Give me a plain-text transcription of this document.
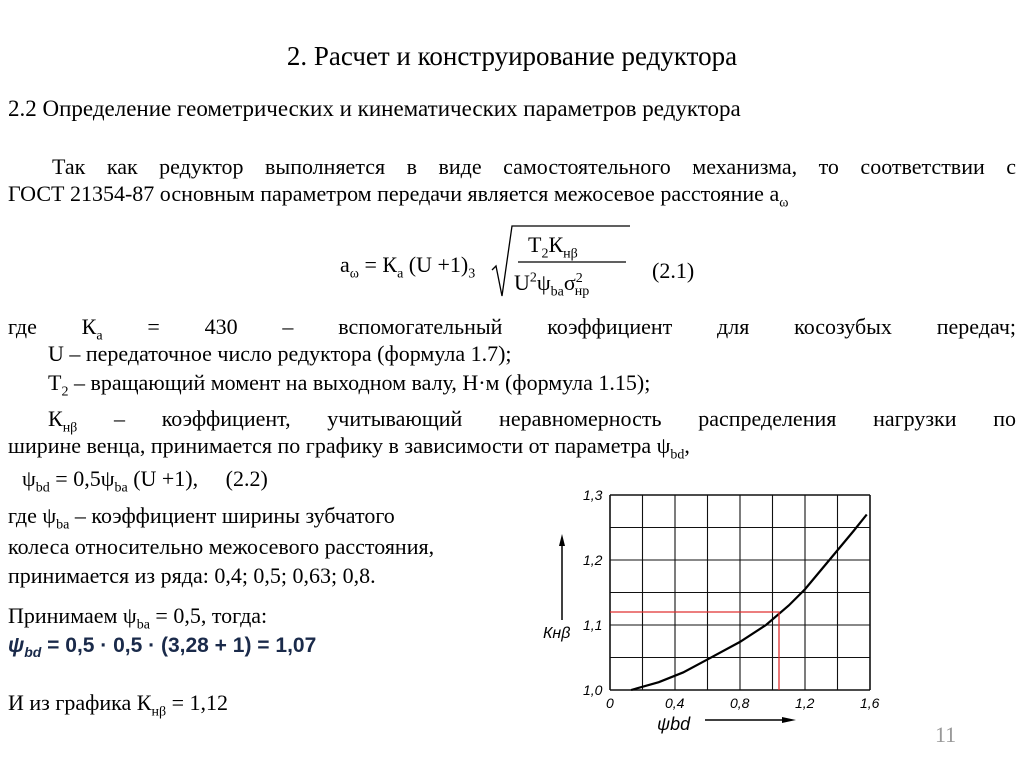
2. Расчет и конструирование редуктора
2.2 Определение геометрических и кинематических параметров редуктора
Так как редуктор выполняется в виде самостоятельного механизма, то соответствии с
ГОСТ 21354-87 основным параметром передачи является межосевое расстояние $a_\omega$
$a_\omega = К_a$ $(U +1)_3$
$T_2К_{н\beta}$
$U^2\psi_{ba}\sigma^2_{нр}$
(2.1)
где $К_a = 430$ – вспомогательный коэффициент для косозубых передач;
U – передаточное число редуктора (формула 1.7);
$T_2$ – вращающий момент на выходном валу, Н·м (формула 1.15);
$К_{н\beta}$ – коэффициент, учитывающий неравномерность распределения нагрузки по
ширине венца, принимается по графику в зависимости от параметра $\psi_{bd}$,
$\psi_{bd} = 0,5\psi_{ba}$ (U +1), (2.2)
где $\psi_{ba}$ – коэффициент ширины зубчатого
колеса относительно межосевого расстояния,
принимается из ряда: 0,4; 0,5; 0,63; 0,8.
Принимаем $\psi_{ba} = 0,5$, тогда:
$\psi_{bd} = 0,5 \cdot 0,5 \cdot (3,28 + 1) = 1,07$
И из графика $К_{н\beta} = 1,12$	0	0,4	0,8	1,2	1,6
1,0
1,1
1,2
1,3
Кнβ
ψbd	11
